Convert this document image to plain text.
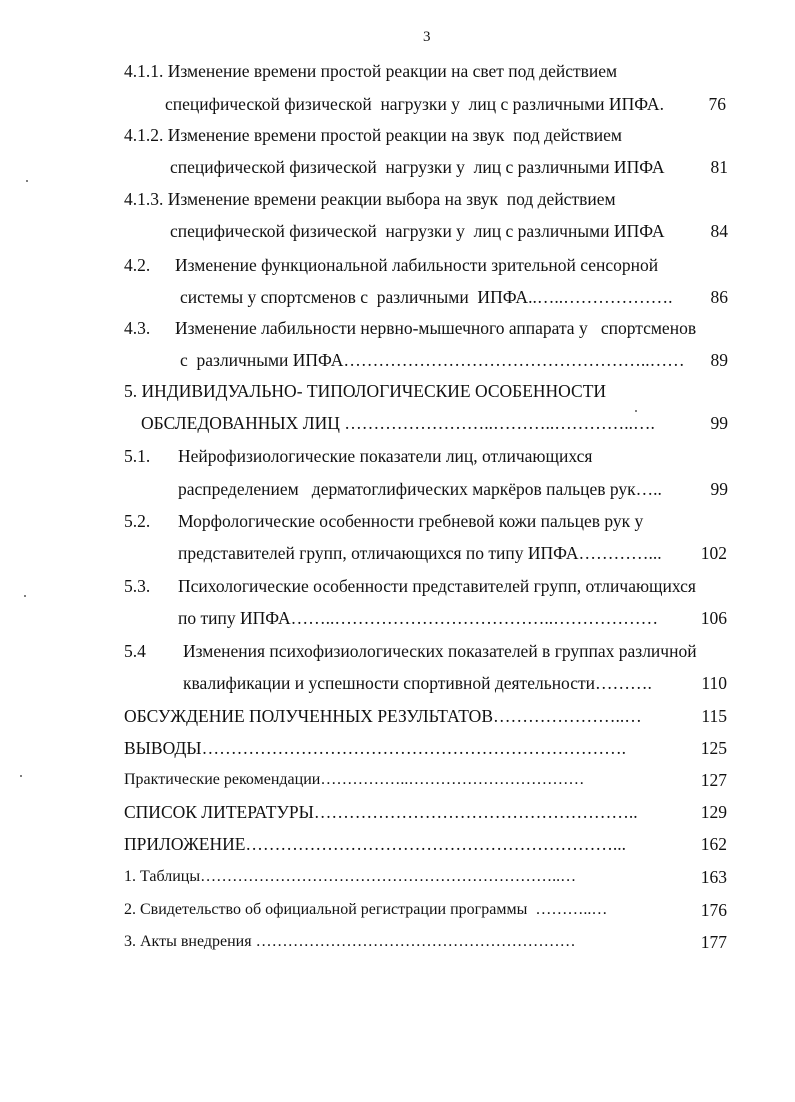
3
4.1.1. Изменение времени простой реакции на свет под действием
специфической физической  нагрузки у  лиц с различными ИПФА.	76
4.1.2. Изменение времени простой реакции на звук  под действием
специфической физической  нагрузки у  лиц с различными ИПФА	81
4.1.3. Изменение времени реакции выбора на звук  под действием
специфической физической  нагрузки у  лиц с различными ИПФА	84
4.2. Изменение функциональной лабильности зрительной сенсорной
системы у спортсменов с  различными  ИПФА..…..……………….	86
4.3. Изменение лабильности нервно-мышечного аппарата у   спортсменов
с  различными ИПФА……………………………………………..……	89
5. ИНДИВИДУАЛЬНО- ТИПОЛОГИЧЕСКИЕ ОСОБЕННОСТИ
ОБСЛЕДОВАННЫХ ЛИЦ ……………………..………..…………..….	99
5.1. Нейрофизиологические показатели лиц, отличающихся
распределением   дерматоглифических маркёров пальцев рук…..	99
5.2. Морфологические особенности гребневой кожи пальцев рук у
представителей групп, отличающихся по типу ИПФА…………...	102
5.3. Психологические особенности представителей групп, отличающихся
по типу ИПФА……..………………………………..………………	106
5.4 Изменения психофизиологических показателей в группах различной
квалификации и успешности спортивной деятельности……….	110
ОБСУЖДЕНИЕ ПОЛУЧЕННЫХ РЕЗУЛЬТАТОВ…………………..…	115
ВЫВОДЫ……………………………………………………………….	125
Практические рекомендации……………..……………………………	127
СПИСОК ЛИТЕРАТУРЫ………………………………………………..	129
ПРИЛОЖЕНИЕ………………………………………………………...	162
1. Таблицы…………………………………………………………..…	163
2. Свидетельство об официальной регистрации программы  ………..…	176
3. Акты внедрения ……………………………………………………	177
